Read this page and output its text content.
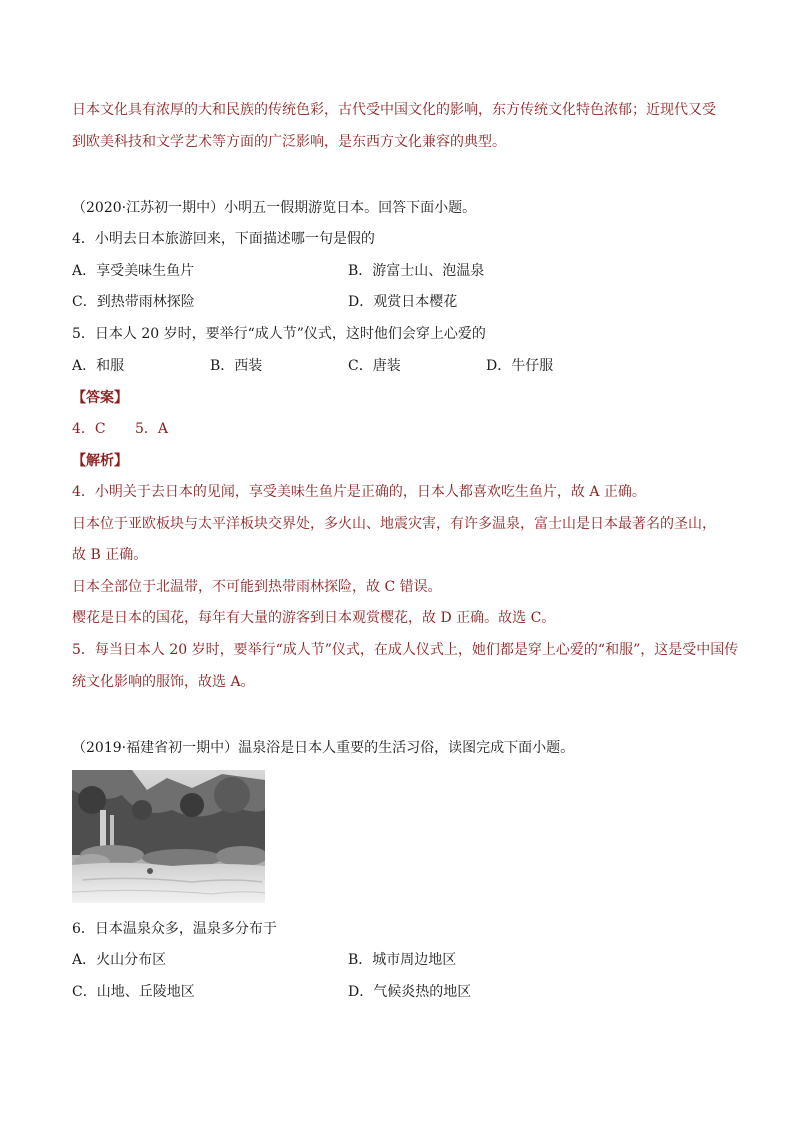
日本文化具有浓厚的大和民族的传统色彩，古代受中国文化的影响，东方传统文化特色浓郁；近现代又受
到欧美科技和文学艺术等方面的广泛影响，是东西方文化兼容的典型。
（2020·江苏初一期中）小明五一假期游览日本。回答下面小题。
4．小明去日本旅游回来，下面描述哪一句是假的
A．享受美味生鱼片	B．游富士山、泡温泉
C．到热带雨林探险	D．观赏日本樱花
5．日本人 20 岁时，要举行“成人节”仪式，这时他们会穿上心爱的
A．和服	B．西装	C．唐装	D．牛仔服
【答案】
4．C 5．A
【解析】
4．小明关于去日本的见闻，享受美味生鱼片是正确的，日本人都喜欢吃生鱼片，故 A 正确。
日本位于亚欧板块与太平洋板块交界处，多火山、地震灾害，有许多温泉，富士山是日本最著名的圣山，
故 B 正确。
日本全部位于北温带，不可能到热带雨林探险，故 C 错误。
樱花是日本的国花，每年有大量的游客到日本观赏樱花，故 D 正确。故选 C。
5．每当日本人 20 岁时，要举行“成人节”仪式，在成人仪式上，她们都是穿上心爱的“和服”，这是受中国传
统文化影响的服饰，故选 A。
（2019·福建省初一期中）温泉浴是日本人重要的生活习俗，读图完成下面小题。
6．日本温泉众多，温泉多分布于
A．火山分布区	B．城市周边地区
C．山地、丘陵地区	D．气候炎热的地区
